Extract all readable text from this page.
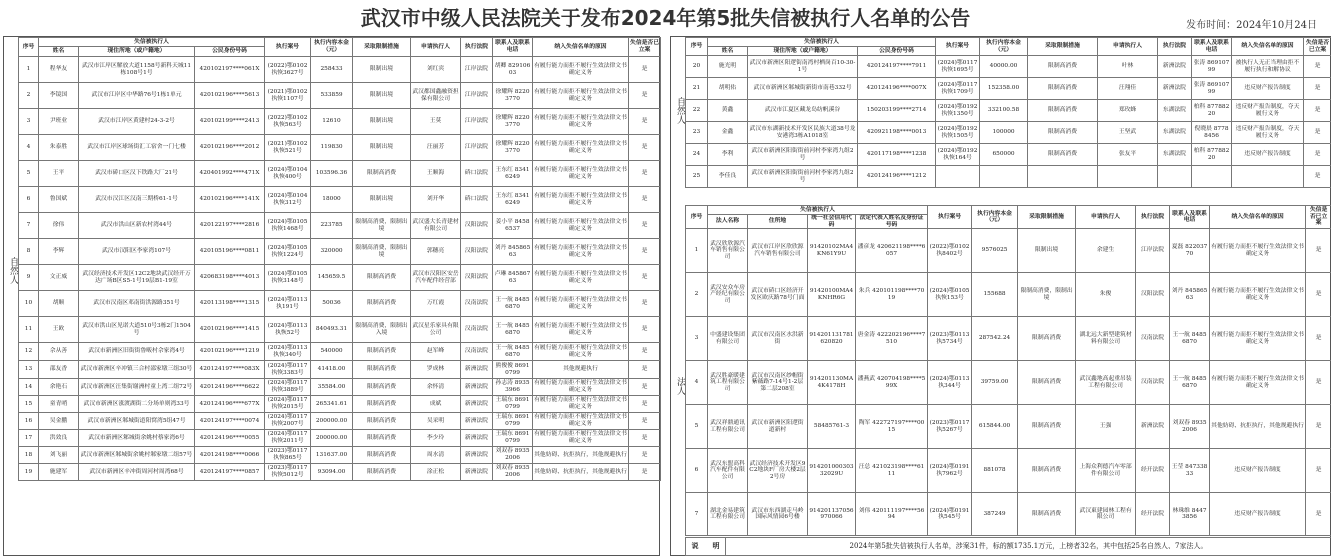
武汉市中级人民法院关于发布2024年第5批失信被执行人名单的公告	发布时间：2024年10月24日
自然人
序号	失信被执行人			执行案号	执行内容本金（元）	采取限制措施	申请执行人	执行法院	联系人及联系电话	纳入失信名单的原因	失信是否已立案
	姓名	现住所地（或户籍地）	公民身份号码								
1	程华友	武汉市江岸区解放大道1158号新科天城11栋108号1号	420102197****061X	(2022)鄂0102执恢3627号	258433	限制出境	刘红宾	江岸法院	胡卿 82910603	有履行能力而拒不履行生效法律文书确定义务	是
2	李镜国	武汉市江岸区中华路76号1栋1单元	420102196****5613	(2021)鄂0102执恢1107号	533859	限制出境	武汉都国鑫融资担保有限公司	江岸法院	徐耀辉 82203770	有履行能力而拒不履行生效法律文书确定义务	是
3	尹班业	武汉市江岸区黄建村24-3-2号	420102199****2413	(2022)鄂0102执恢563号	12610	限制出境	王莫	江岸法院	徐耀辉 82203770	有履行能力而拒不履行生效法律文书确定义务	是
4	朱泰胜	武汉市江岸区球场街汇工宿舍一门七楼	420102196****2012	(2021)鄂0102执恢521号	119830	限制出境	汪丽芳	江岸法院	徐耀辉 82203770	有履行能力而拒不履行生效法律文书确定义务	是
5	王平	武汉市硚口区汉下铁路大厂21号	420401992****471X	(2024)鄂0104执恢400号	103596.36	限制高消费	王顺海	硚口法院	王东红 83416249	有履行能力而拒不履行生效法律文书确定义务	是
6	鲁国斌	武汉市汉江区汉南三期桥61-1号	420102196****141X	(2024)鄂0104执恢312号	18000	限制出境	刘开华	硚口法院	王东红 83416249	有履行能力而拒不履行生效法律文书确定义务	是
7	徐伟	武汉市洪山区新农村湾44号	420122197****2816	(2024)鄂0105执恢1468号	223785	限制高消费，限制出境	武汉盛大长青建材有限公司	汉阳法院	姜小平 84586537	有履行能力而拒不履行生效法律文书确定义务	是
8	李辉	武汉市汉阳区李家湾107号	420105196****0811	(2024)鄂0105执恢1224号	320000	限制高消费，限制出境	郭穗亮	汉阳法院	刘丹 84586563	有履行能力而拒不履行生效法律文书确定义务	是
9	文正威	武汉经济技术开发区12C2地块武汉经开万达广场B区S5-1号19层B1-19室	420683198****4013	(2024)鄂0105执恢3148号	145659.5	限制高消费	武汉市汉阳区安岳汽车配件经营部	汉阳法院	卢琳 84586763	有履行能力而拒不履行生效法律文书确定义务	是
10	胡顺	武汉市汉南区邓南街洪源路351号	420113198****1315	(2024)鄂0113执191号	50036	限制高消费	万红霞	汉南法院	王一航 84856870	有履行能力而拒不履行生效法律文书确定义务	是
11	王欧	武汉市洪山区见诺大道510号3栋2门1504号	420102196****1415	(2024)鄂0113执恢52号	840493.31	限制高消费，限制出入境	武汉星乐家具有限公司	汉南法院	王一航 84856870	有履行能力而拒不履行生效法律文书确定义务	是
12	佘从善	武汉市新洲区旧街街鲁畈村佘家湾4号	420102196****1219	(2024)鄂0113执恢340号	540000	限制高消费	赵军峰	汉南法院	王一航 84856870	有履行能力而拒不履行生效法律文书确定义务	是
13	邵友香	武汉市新洲区辛冲镇三合村邵家墩三组30号	420124197****083X	(2024)鄂0117执恢3383号	41418.00	限制高消费	罗成林	新洲法院	熊俊俊 86910799	其他规避执行	是
14	余艳石	武汉市新洲区汪集街谢洲村童上湾二组72号	420124196****6622	(2024)鄂0117执恢3889号	35584.00	限制高消费	余怀清	新洲法院	孙志涛 89353966	有履行能力而拒不履行生效法律文书确定义务	是
15	童青哨	武汉市新洲区涨渡湖街二分场单则湾33号	420124196****677X	(2024)鄂0117执恢2015号	265341.61	限制高消费	成斌	新洲法院	王瑞东 86910799	有履行能力而拒不履行生效法律文书确定义务	是
16	吴金鹏	武汉市新洲区邾城街道阳窝湾5组47号	420124197****0074	(2024)鄂0117执恢2007号	200000.00	限制高消费	吴采明	新洲法院	王瑞东 86910799	有履行能力而拒不履行生效法律文书确定义务	是
17	洪效良	武汉市新洲区邾城街余姚村蔡家湾6号	420124196****0055	(2024)鄂0117执恢2011号	200000.00	限制高消费	李少玲	新洲法院	王瑞东 86910799	有履行能力而拒不履行生效法律文书确定义务	是
18	刘飞丽	武汉市新洲区邾城街余姚村邾家墩二组57号	420124198****0066	(2023)鄂0117执恢865号	131637.00	限制高消费	周水清	新洲法院	刘双春 89352006	其他妨碍、抗拒执行，其他规避执行	是
19	施建军	武汉市新洲区辛冲街周河村周湾68号	420124197****0857	(2023)鄂0117执恢5012号	93094.00	限制高消费	涂正松	新洲法院	刘双春 89352006	其他妨碍、抗拒执行，其他规避执行	是
自然人
法人
序号	失信被执行人			执行案号	执行内容本金（元）	采取限制措施	申请执行人	执行法院	联系人及联系电话	纳入失信名单的原因	失信是否已立案
	姓名	现住所地（或户籍地）	公民身份号码								
20	施光明	武汉市新洲区阳逻街南湾村栖岗百10-30-1号	420124197****7911	(2024)鄂0117执恢1695号	40000.00	限制高消费	叶林	新洲法院	张涛 86910799	被执行人无正当理由拒不履行执行和解协议	是
21	胡明佑	武汉市新洲区邾城街新街市南巷332号	420124196****007X	(2024)鄂0117执恢1709号	152358.00	限制高消费	汪翔佳	新洲法院	张涛 86910799	违反财产报告制度	是
22	黄鑫	武汉市江夏区藏龙岛纺帆溪谷	150203199****2714	(2024)鄂0192执恢1350号	332100.58	限制高消费	郑玫蜂	东湖法院	柏科 87788220	违反财产报告制度，夺天履行义务	是
23	金鑫	武汉市东湖新技术开发区民族大道38号龙安港湾3栋A1018室	420921198****0013	(2024)鄂0192执恢1505号	100000	限制高消费	王坚武	东湖法院	倪晓晨 87788456	违反财产报告制度，夺天履行义务	是
24	李利	武汉市新洲区阳街街前河村李家湾九组2号	420117198****1238	(2024)鄂0192执恢164号	650000	限制高消费	张友平	东湖法院	柏科 87788220	违反财产报告制度	是
25	李佳良	武汉市新洲区阳街街前河村李家湾九组2号	420124196****1212								是
序号	失信被执行人				执行案号	执行内容本金（元）	采取限制措施	申请执行人	执行法院	联系人及联系电话	纳入失信名单的原因	失信是否已立案
	法人名称	住所地	统一社会信用代码	法定代表人姓名及身份证号码								
1	武汉欣欣源汽车销售有限公司	武汉市江岸区欣欣源汽车销售有限公司	91420102MA4KN61Y9U	潘彦龙 420621198****6057	(2022)鄂0102执8402号	9576025	限制出境	余建生	江岸法院	夏磊 82203770	有履行能力而拒不履行生效法律文书确定义务	是
2	武汉安众车房产经纪有限公司	武汉市硚口区经济开发区欧庆路78号门面	91420100MA4KNHR6G	朱兵 420101198****7019	(2024)鄂0105执恢153号	155688	限制高消费，限制出境	朱俊	汉阳法院	刘丹 84586563	有履行能力而拒不履行生效法律文书确定义务	是
3	中盛建设集团有限公司	武汉市汉南区水洪新街	914201131781620820	唐金涛 422202196****7510	(2023)鄂0113执5734号	287542.24	限制高消费	湖北远大新型建筑材料有限公司	汉南法院	王一航 84856870	有履行能力而拒不履行生效法律文书确定义务	是
4	武汉胜豪暖建筑工程有限公司	武汉市汉南区纱帽街紫薇路7-14号1-2层第二层208室	914201130MA4K4178H	潘燕武 420704198****599X	(2024)鄂0113执344号	39759.00	限制高消费	武汉鑫地高起重吊装工程有限公司	汉南法院	王一航 84856870	有履行能力而拒不履行生效法律文书确定义务	是
5	武汉祥鼎通讯工程有限公司	武汉市新洲区阳逻街道新村	58485761-3	陶军 422727197****0015	(2023)鄂0117执5267号	615844.00	限制高消费	王强	新洲法院	刘双春 89352006	其他妨碍、抗拒执行，其他规避执行	是
6	武汉东盟高科汽车配件有限公司	武汉经济技术开发区9C2地块F厂房大楼2层2号房	91420100030332029U	汪总 421023198****6111	(2024)鄂0191执7962号	881078	限制高消费	上海众利德汽车零部件有限公司	经开法院	王莹 84733833	违反财产报告制度	是
7	湖北金易建筑工程有限公司	武汉市东西湖走马岭国际风情园6号楼	914201137056970066	刘伟 420111197****5694	(2024)鄂0191执545号	387249	限制高消费	武汉東建园林工程有限公司	经开法院	林珠维 84473856	违反财产报告制度	是
说　　明	2024年第5批失信被执行人名单，涉案31件，标的额1735.1万元，上榜者32名，其中包括25名自然人、7家法人。
